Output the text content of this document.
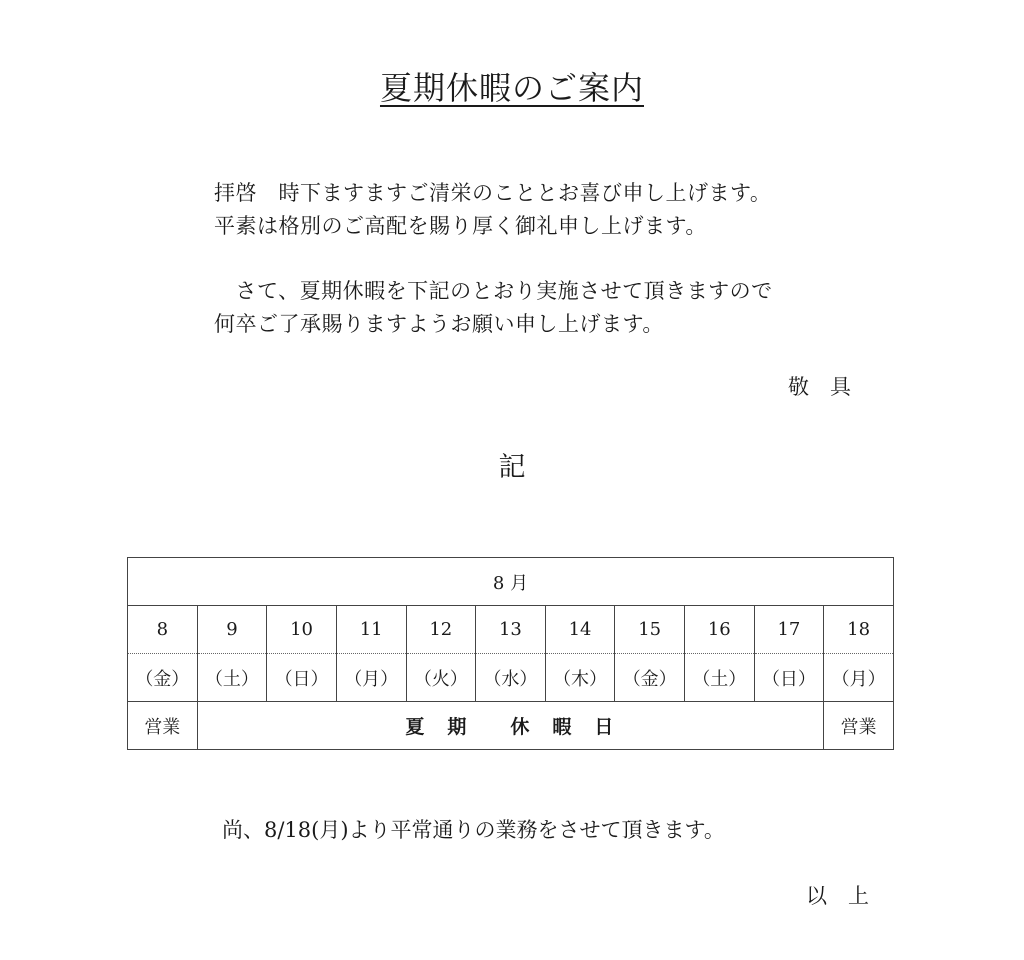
夏期休暇のご案内
拝啓　時下ますますご清栄のこととお喜び申し上げます。
平素は格別のご高配を賜り厚く御礼申し上げます。
　さて、夏期休暇を下記のとおり実施させて頂きますので
何卒ご了承賜りますようお願い申し上げます。
敬　具
記
8 月										
8	9	10	11	12	13	14	15	16	17	18
（金）	（土）	（日）	（月）	（火）	（水）	（木）	（金）	（土）	（日）	（月）
営業	夏　期　　休　暇　日									営業
尚、8/18(月)より平常通りの業務をさせて頂きます。
以　上
